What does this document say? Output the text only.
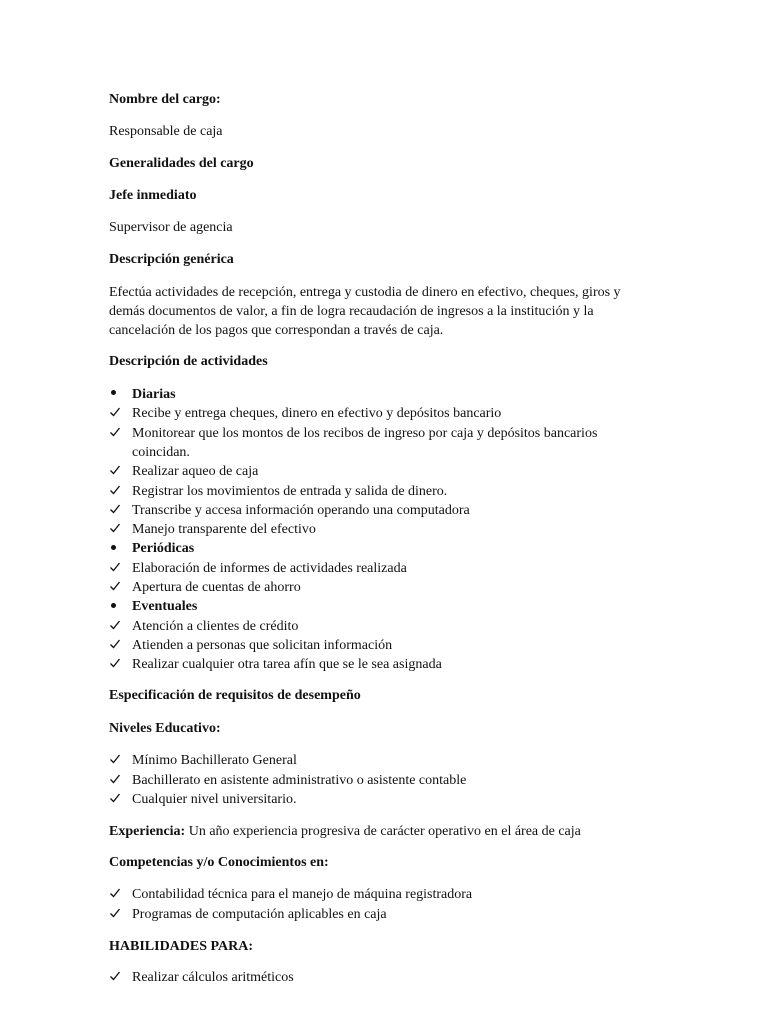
Nombre del cargo:
Responsable de caja
Generalidades del cargo
Jefe inmediato
Supervisor de agencia
Descripción genérica
Efectúa actividades de recepción, entrega y custodia de dinero en efectivo, cheques, giros y
demás documentos de valor, a fin de logra recaudación de ingresos a la institución y la
cancelación de los pagos que correspondan a través de caja.
Descripción de actividades
Diarias
Recibe y entrega cheques, dinero en efectivo y depósitos bancario
Monitorear que los montos de los recibos de ingreso por caja y depósitos bancarios
coincidan.
Realizar aqueo de caja
Registrar los movimientos de entrada y salida de dinero.
Transcribe y accesa información operando una computadora
Manejo transparente del efectivo
Periódicas
Elaboración de informes de actividades realizada
Apertura de cuentas de ahorro
Eventuales
Atención a clientes de crédito
Atienden a personas que solicitan información
Realizar cualquier otra tarea afín que se le sea asignada
Especificación de requisitos de desempeño
Niveles Educativo:
Mínimo Bachillerato General
Bachillerato en asistente administrativo o asistente contable
Cualquier nivel universitario.
Experiencia: Un año experiencia progresiva de carácter operativo en el área de caja
Competencias y/o Conocimientos en:
Contabilidad técnica para el manejo de máquina registradora
Programas de computación aplicables en caja
HABILIDADES PARA:
Realizar cálculos aritméticos
